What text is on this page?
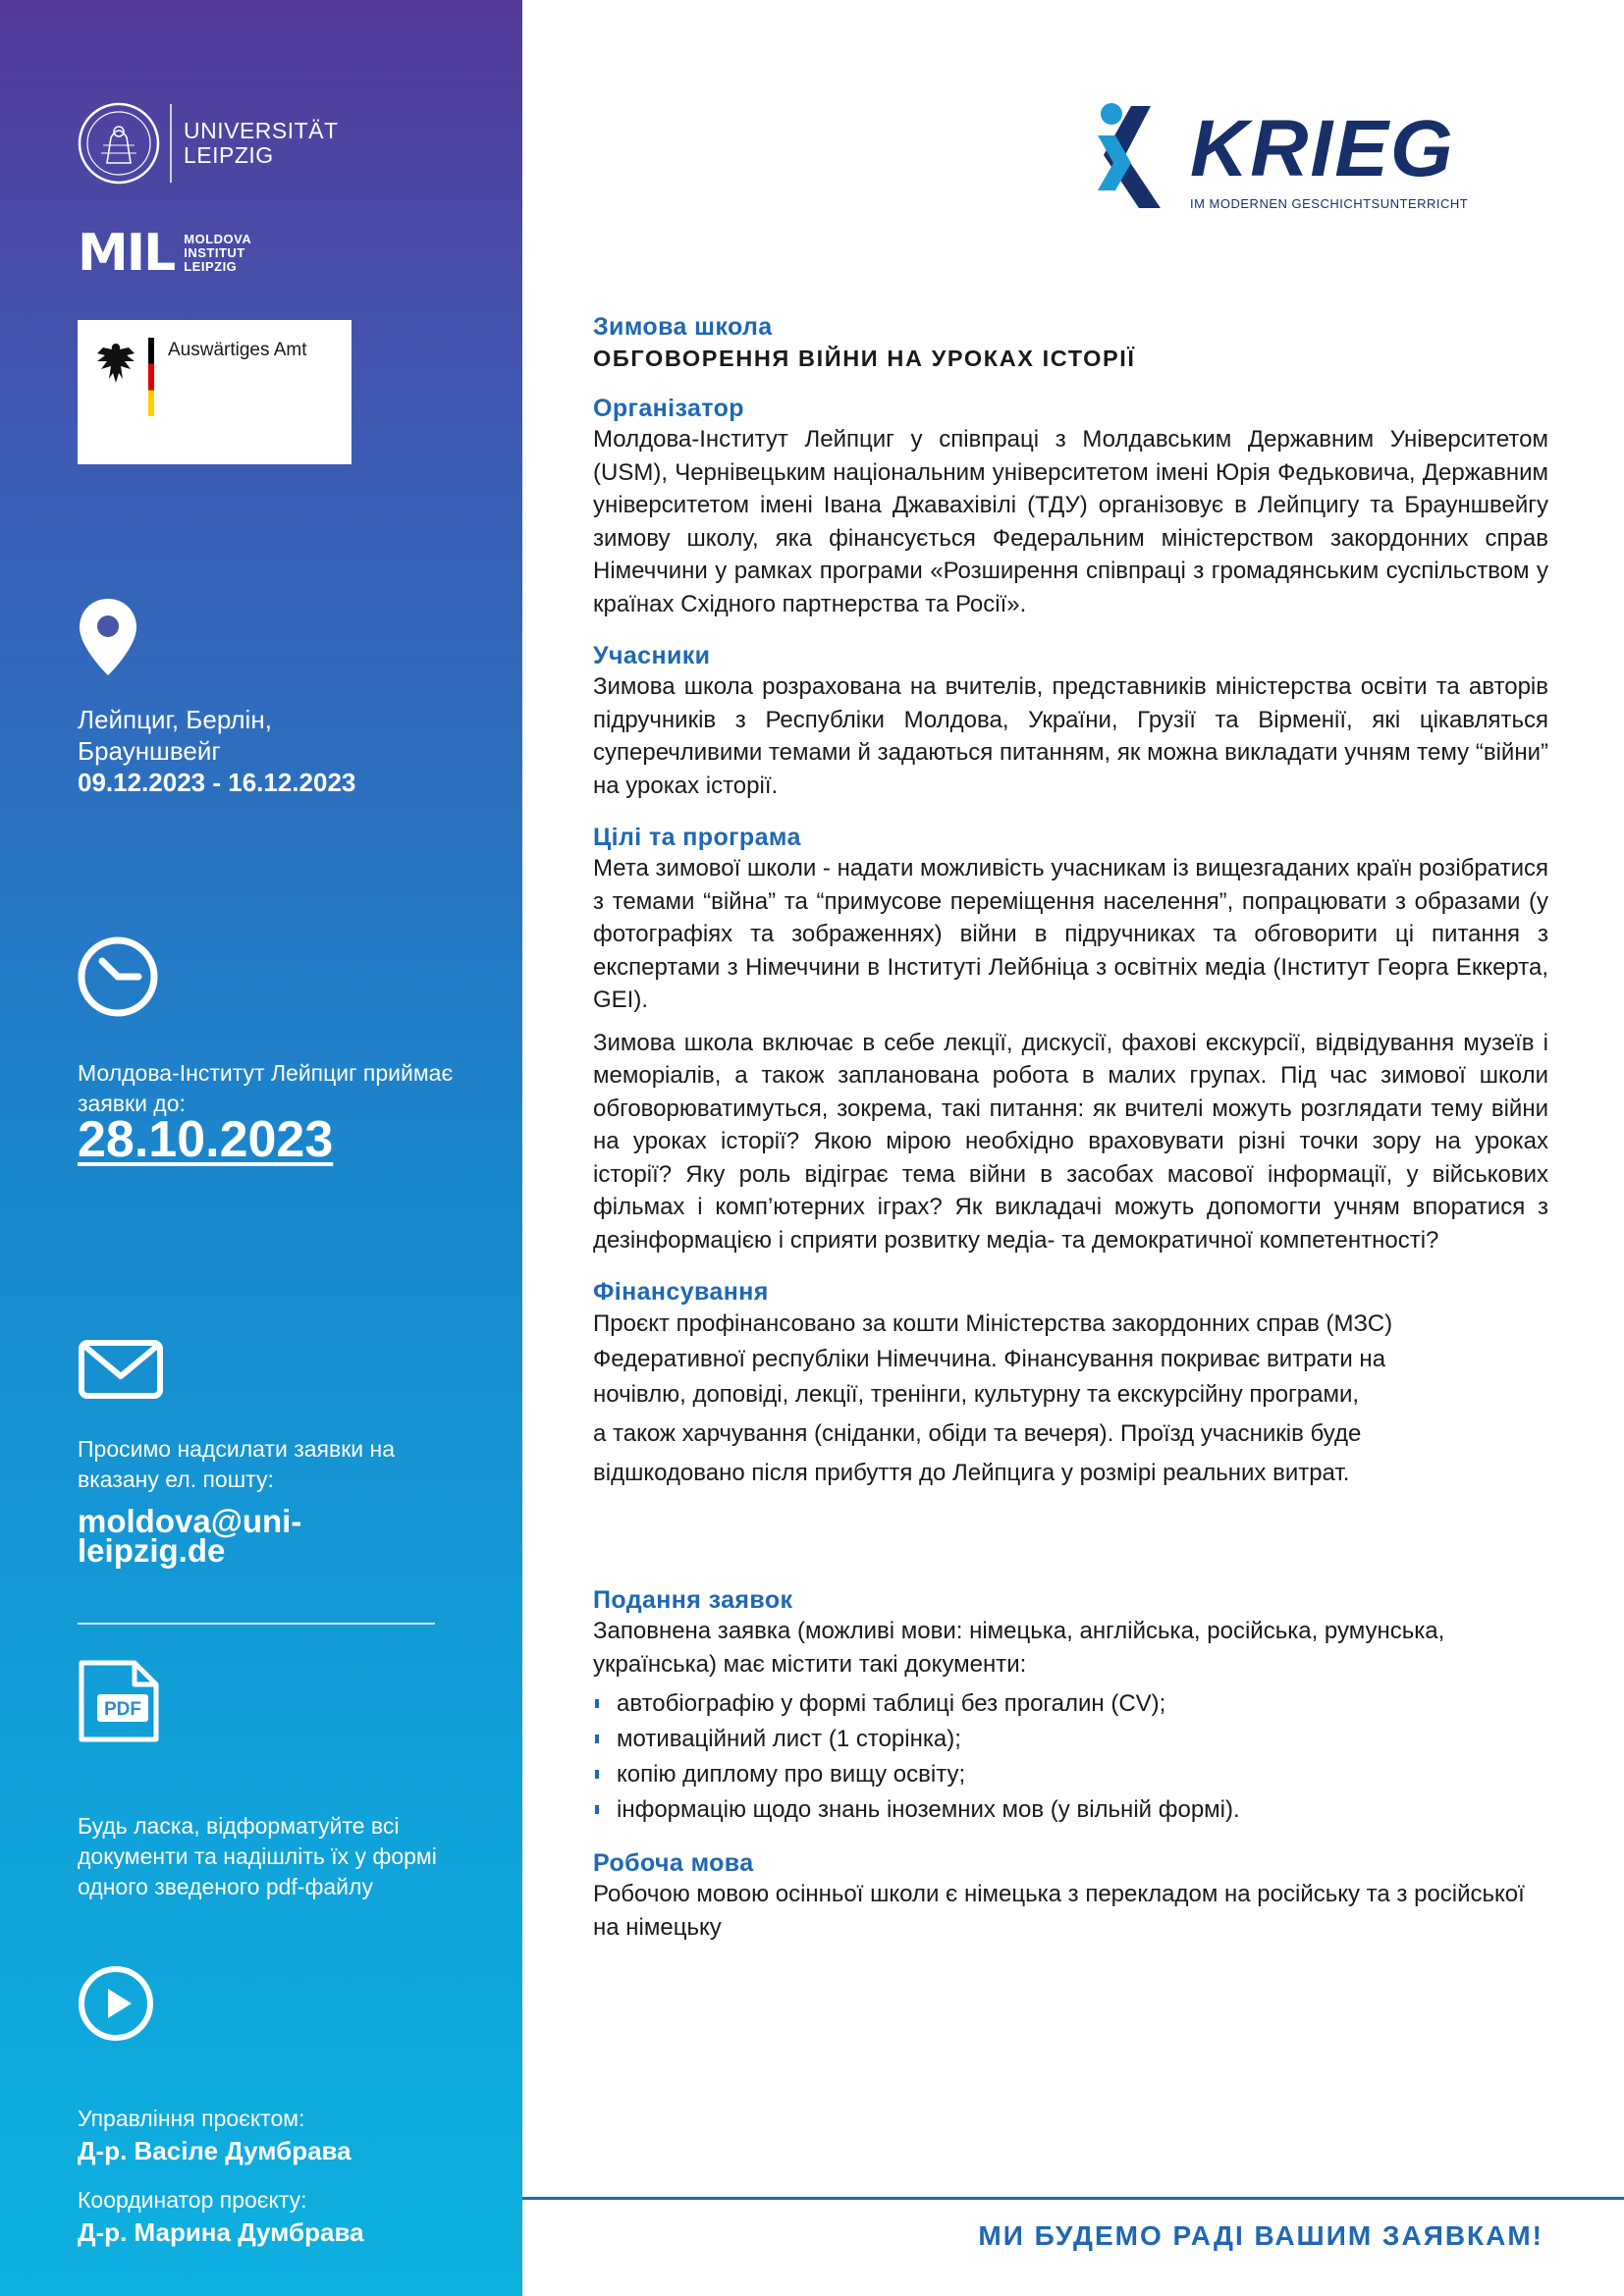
UNIVERSITÄT
LEIPZIG
MIL MOLDOVA
INSTITUT
LEIPZIG
Auswärtiges Amt
Лейпциг, Берлін,
Брауншвейг
09.12.2023 - 16.12.2023
Молдова-Інститут Лейпциг приймає
заявки до:
28.10.2023
Просимо надсилати заявки на
вказану ел. пошту:
moldova@uni-
leipzig.de
PDF
Будь ласка, відформатуйте всі
документи та надішліть їх у формі
одного зведеного pdf-файлу
Управління проєктом:
Д-р. Васіле Думбрава
Координатор проєкту:
Д-р. Марина Думбрава
KRIEG
IM MODERNEN GESCHICHTSUNTERRICHT

Зимова школа

ОБГОВОРЕННЯ ВІЙНИ НА УРОКАХ ІСТОРІЇ

Організатор

Молдова-Інститут Лейпциг у співпраці з Молдавським Державним Університетом (USM), Чернівецьким національним університетом імені Юрія Федьковича, Державним університетом імені Івана Джавахівілі (ТДУ) організовує в Лейпцигу та Брауншвейгу зимову школу, яка фінансується Федеральним міністерством закордонних справ Німеччини у рамках програми «Розширення співпраці з громадянським суспільством у країнах Східного партнерства та Росії».

Учасники

Зимова школа розрахована на вчителів, представників міністерства освіти та авторів підручників з Республіки Молдова, України, Грузії та Вірменії, які цікавляться суперечливими темами й задаються питанням, як можна викладати учням тему “війни” на уроках історії.

Цілі та програма

Мета зимової школи - надати можливість учасникам із вищезгаданих країн розібратися з темами “війна” та “примусове переміщення населення”, попрацювати з образами (у фотографіях та зображеннях) війни в підручниках та обговорити ці питання з експертами з Німеччини в Інституті Лейбніца з освітніх медіа (Інститут Георга Еккерта, GEI).

Зимова школа включає в себе лекції, дискусії, фахові екскурсії, відвідування музеїв і меморіалів, а також запланована робота в малих групах. Під час зимової школи обговорюватимуться, зокрема, такі питання: як вчителі можуть розглядати тему війни на уроках історії? Якою мірою необхідно враховувати різні точки зору на уроках історії? Яку роль відіграє тема війни в засобах масової інформації, у військових фільмах і комп’ютерних іграх? Як викладачі можуть допомогти учням впоратися з дезінформацією і сприяти розвитку медіа- та демократичної компетентності?

Фінансування

Проєкт профінансовано за кошти Міністерства закордонних справ (МЗС)
Федеративної республіки Німеччина. Фінансування покриває витрати на
ночівлю, доповіді, лекції, тренінги, культурну та екскурсійну програми,
а також харчування (сніданки, обіди та вечеря). Проїзд учасників буде
відшкодовано після прибуття до Лейпцига у розмірі реальних витрат.

Подання заявок

Заповнена заявка (можливі мови: німецька, англійська, російська, румунська, українська) має містити такі документи:

автобіографію у формі таблиці без прогалин (CV);
мотиваційний лист (1 сторінка);
копію диплому про вищу освіту;
інформацію щодо знань іноземних мов (у вільній формі).

Робоча мова

Робочою мовою осінньої школи є німецька з перекладом на російську та з російської на німецьку

МИ БУДЕМО РАДІ ВАШИМ ЗАЯВКАМ!
